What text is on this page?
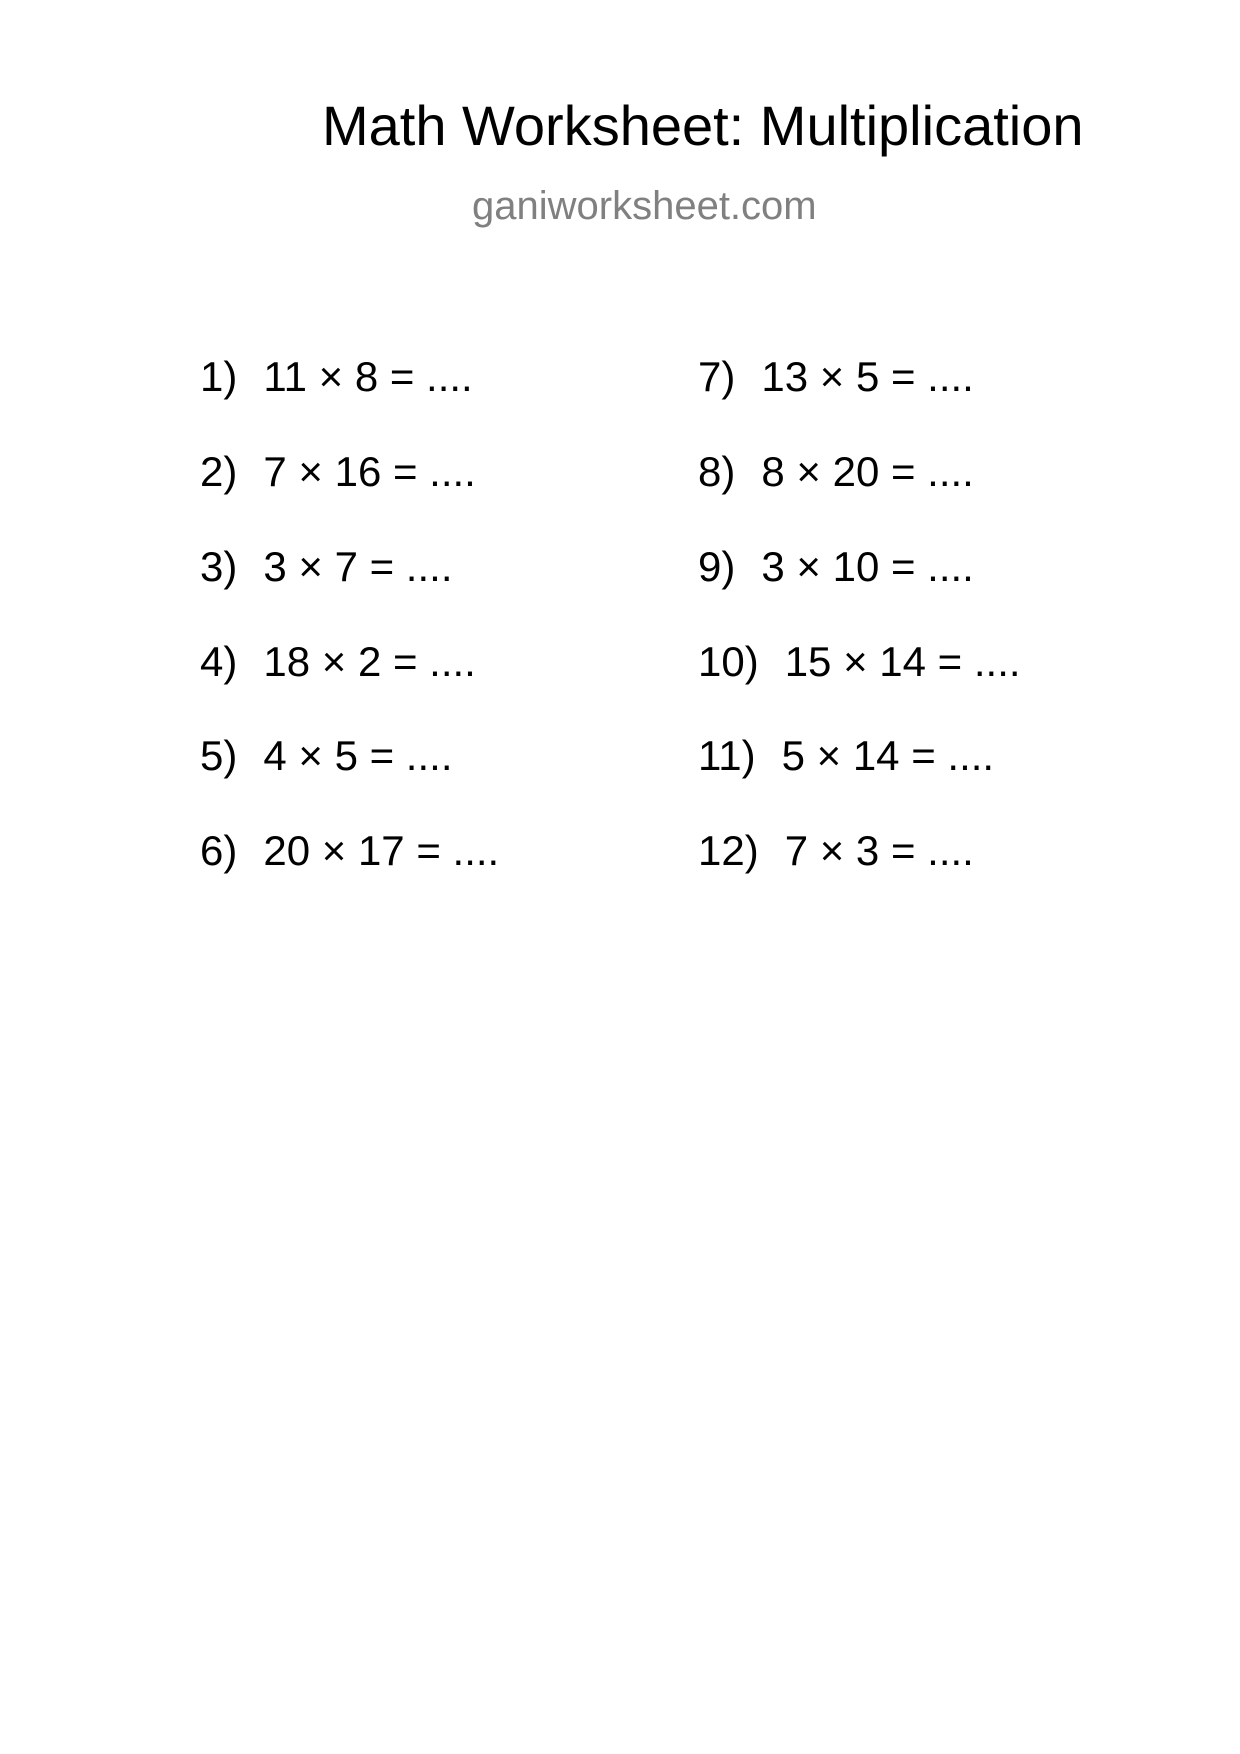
Math Worksheet: Multiplication
ganiworksheet.com
1) 11 × 8 = ....
2) 7 × 16 = ....
3) 3 × 7 = ....
4) 18 × 2 = ....
5) 4 × 5 = ....
6) 20 × 17 = ....
7) 13 × 5 = ....
8) 8 × 20 = ....
9) 3 × 10 = ....
10) 15 × 14 = ....
11) 5 × 14 = ....
12) 7 × 3 = ....
